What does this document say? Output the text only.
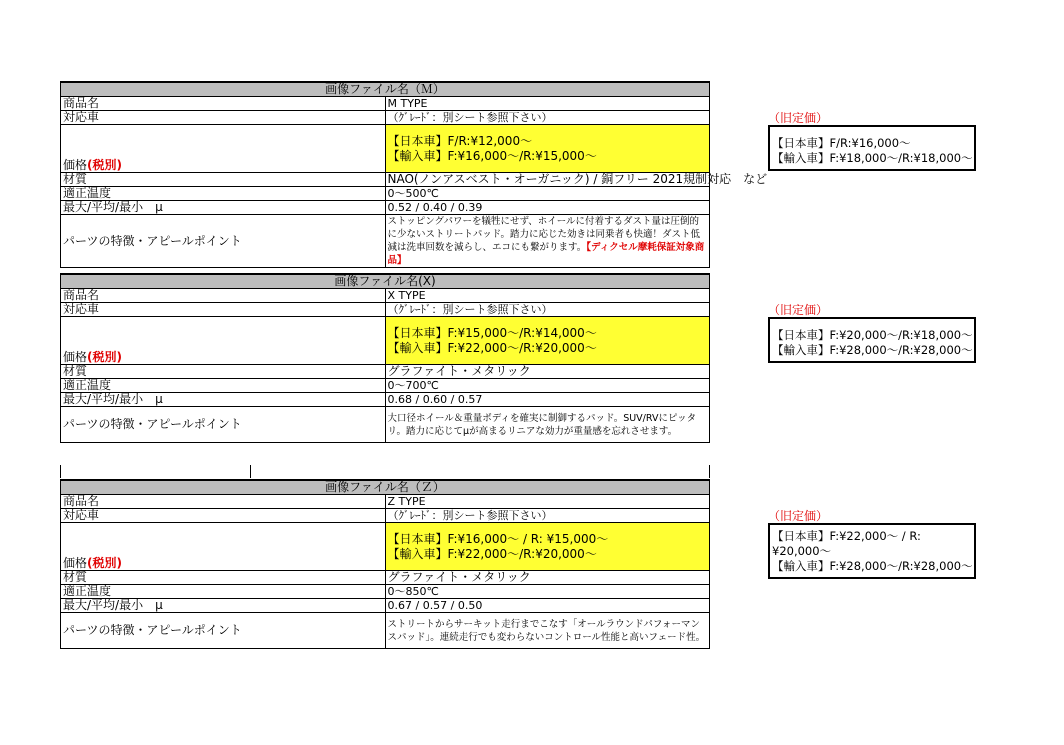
画像ファイル名（Ｍ）	
商品名	M TYPE
対応車	（ｸﾞﾚｰﾄﾞ：別シート参照下さい）
価格(税別)	【日本車】F/R:¥12,000～
【輸入車】F:¥16,000～/R:¥15,000～

材質	NAO(ノンアスベスト・オーガニック) / 銅フリー 2021規制対応　など
適正温度	0～500℃
最大/平均/最小　μ	0.52 / 0.40 / 0.39
パーツの特徴・アピールポイント	ストッピングパワーを犠牲にせず、ホイールに付着するダスト量は圧倒的に少ないストリートパッド。踏力に応じた効きは同乗者も快適！ダスト低減は洗車回数を減らし、エコにも繋がります。【ディクセル摩耗保証対象商品】
（旧定価）
【日本車】F/R:¥16,000～
【輸入車】F:¥18,000～/R:¥18,000～
画像ファイル名(X)	
商品名	X TYPE
対応車	（ｸﾞﾚｰﾄﾞ：別シート参照下さい）
価格(税別)	【日本車】F:¥15,000～/R:¥14,000～
【輸入車】F:¥22,000～/R:¥20,000～

材質	グラファイト・メタリック
適正温度	0～700℃
最大/平均/最小　μ	0.68 / 0.60 / 0.57
パーツの特徴・アピールポイント	大口径ホイール＆重量ボディを確実に制御するパッド。SUV/RVにピッタリ。踏力に応じてμが高まるリニアな効力が重量感を忘れさせます。
（旧定価）
【日本車】F:¥20,000～/R:¥18,000～
【輸入車】F:¥28,000～/R:¥28,000～
画像ファイル名（Ｚ）	
商品名	Z TYPE
対応車	（ｸﾞﾚｰﾄﾞ：別シート参照下さい）
価格(税別)	【日本車】F:¥16,000～ / R: ¥15,000～
【輸入車】F:¥22,000～/R:¥20,000～

材質	グラファイト・メタリック
適正温度	0～850℃
最大/平均/最小　μ	0.67 / 0.57 / 0.50
パーツの特徴・アピールポイント	ストリートからサーキット走行までこなす「オールラウンドパフォーマンスパッド」。連続走行でも変わらないコントロール性能と高いフェード性。
（旧定価）
【日本車】F:¥22,000～ / R: ¥20,000～
【輸入車】F:¥28,000～/R:¥28,000～
